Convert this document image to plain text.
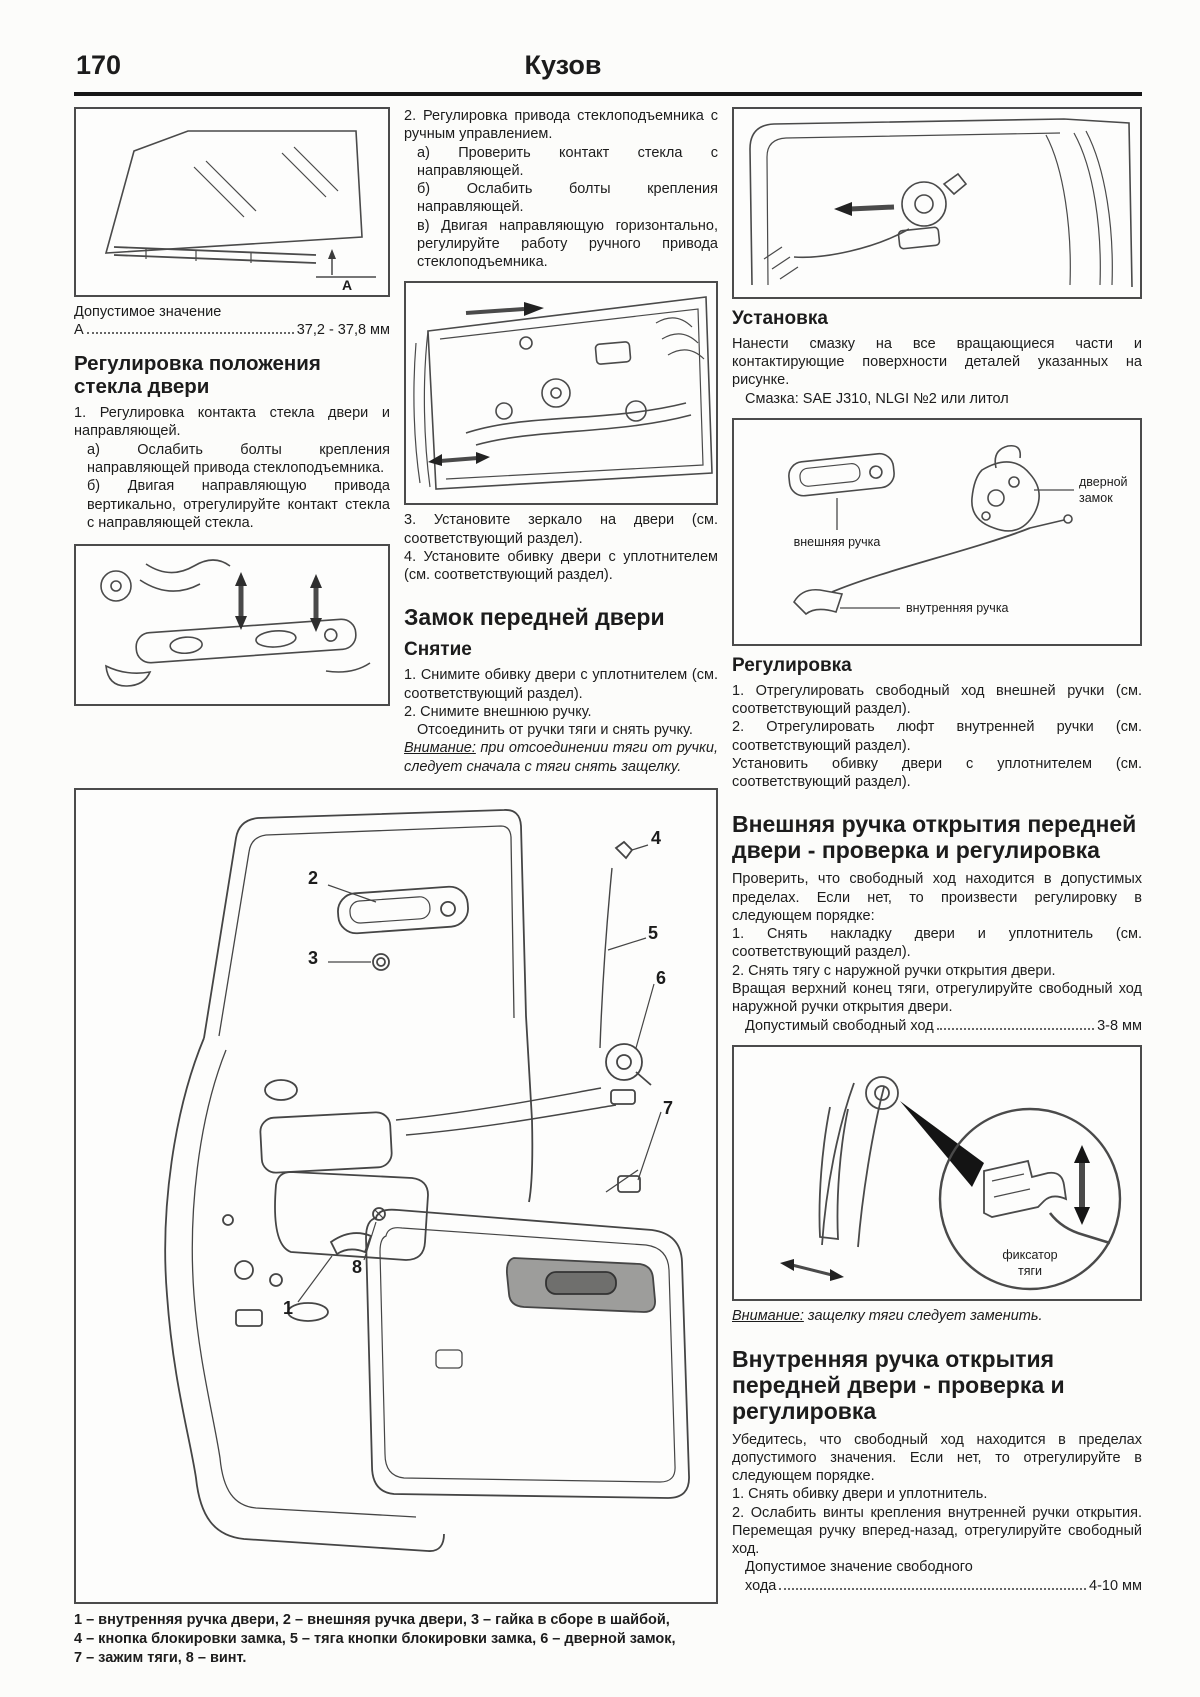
170	Кузов
A

Допустимое значение

А	37,2 - 37,8 мм
Регулировка положения стекла двери

1. Регулировка контакта стекла двери и направляющей.

а) Ослабить болты крепления направляющей привода стеклоподъемника.

б) Двигая направляющую привода вертикально, отрегулируйте контакт стекла с направляющей стекла.

2. Регулировка привода стеклоподъемника с ручным управлением.

а) Проверить контакт стекла с направляющей.

б) Ослабить болты крепления направляющей.

в) Двигая направляющую горизонтально, регулируйте работу ручного привода стеклоподъемника.

3. Установите зеркало на двери (см. соответствующий раздел).

4. Установите обивку двери с уплотнителем (см. соответствующий раздел).

Замок передней двери
Снятие

1. Снимите обивку двери с уплотнителем (см. соответствующий раздел).

2. Снимите внешнюю ручку.

Отсоединить от ручки тяги и снять ручку.

Внимание: при отсоединении тяги от ручки, следует сначала с тяги снять защелку.

4
2
3
5
6
7
8
1
1 – внутренняя ручка двери, 2 – внешняя ручка двери, 3 – гайка в сборе в шайбой,
4 – кнопка блокировки замка, 5 – тяга кнопки блокировки замка, 6 – дверной замок,
7 – зажим тяги, 8 – винт.
Установка

Нанести смазку на все вращающиеся части и контактирующие поверхности деталей указанных на рисунке.

Смазка: SAE J310, NLGI №2 или литол

внешняя ручка
дверной
замок
внутренняя ручка
Регулировка

1. Отрегулировать свободный ход внешней ручки (см. соответствующий раздел).

2. Отрегулировать люфт внутренней ручки (см. соответствующий раздел).

Установить обивку двери с уплотнителем (см. соответствующий раздел).

Внешняя ручка открытия передней двери - проверка и регулировка

Проверить, что свободный ход находится в допустимых пределах. Если нет, то произвести регулировку в следующем порядке:

1. Снять накладку двери и уплотнитель (см. соответствующий раздел).

2. Снять тягу с наружной ручки открытия двери.

Вращая верхний конец тяги, отрегулируйте свободный ход наружной ручки открытия двери.

Допустимый свободный ход	3-8 мм
фиксатор
тяги

Внимание: защелку тяги следует заменить.

Внутренняя ручка открытия передней двери - проверка и регулировка

Убедитесь, что свободный ход находится в пределах допустимого значения. Если нет, то отрегулируйте в следующем порядке.

1. Снять обивку двери и уплотнитель.

2. Ослабить винты крепления внутренней ручки открытия. Перемещая ручку вперед-назад, отрегулируйте свободный ход.

Допустимое значение свободного

хода	4-10 мм
